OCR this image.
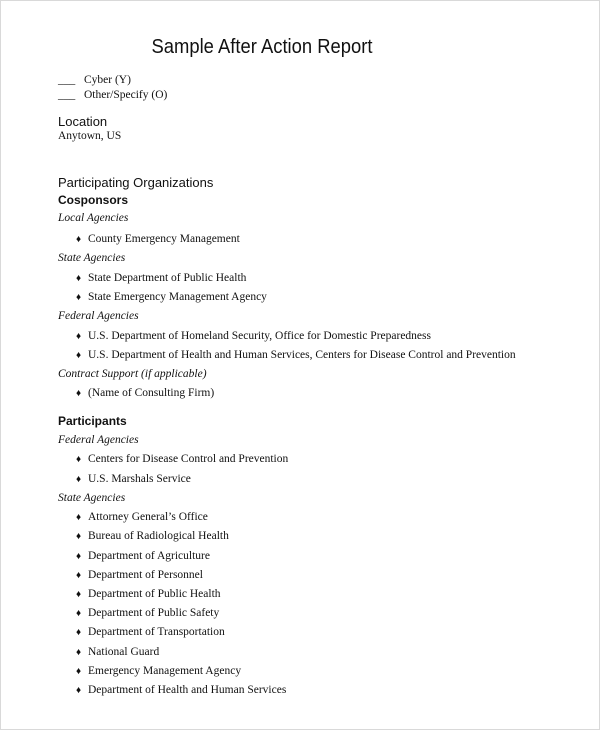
Sample After Action Report
___ Cyber (Y)
___ Other/Specify (O)
Location
Anytown, US
Participating Organizations
Cosponsors
Local Agencies
♦ County Emergency Management
State Agencies
♦ State Department of Public Health
♦ State Emergency Management Agency
Federal Agencies
♦ U.S. Department of Homeland Security, Office for Domestic Preparedness
♦ U.S. Department of Health and Human Services, Centers for Disease Control and Prevention
Contract Support (if applicable)
♦ (Name of Consulting Firm)
Participants
Federal Agencies
♦ Centers for Disease Control and Prevention
♦ U.S. Marshals Service
State Agencies
♦ Attorney General’s Office
♦ Bureau of Radiological Health
♦ Department of Agriculture
♦ Department of Personnel
♦ Department of Public Health
♦ Department of Public Safety
♦ Department of Transportation
♦ National Guard
♦ Emergency Management Agency
♦ Department of Health and Human Services
